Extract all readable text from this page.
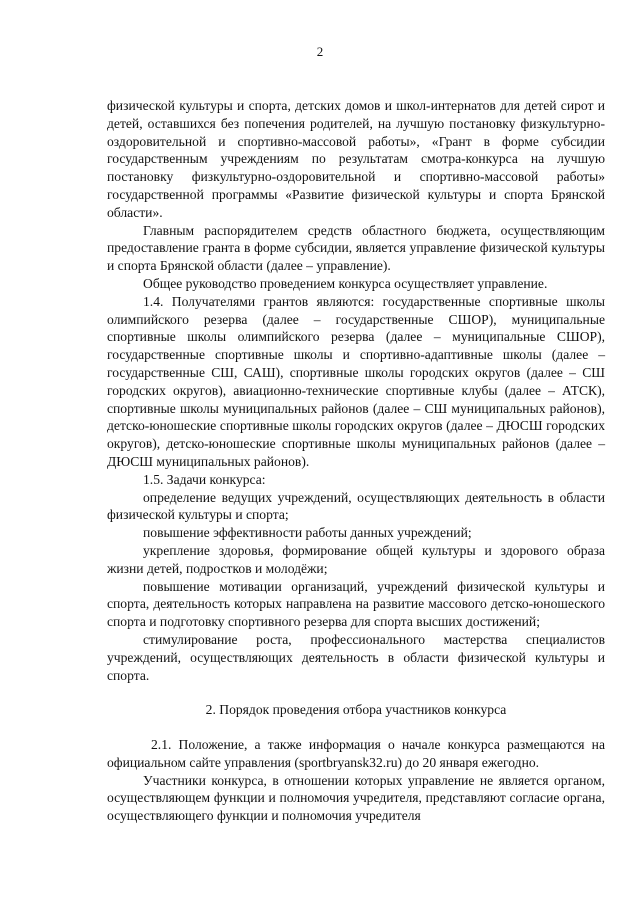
2

физической культуры и спорта, детских домов и школ-интернатов для детей сирот и детей, оставшихся без попечения родителей, на лучшую постановку физкультурно-оздоровительной и спортивно-массовой работы», «Грант в форме субсидии государственным учреждениям по результатам смотра-конкурса на лучшую постановку физкультурно-оздоровительной и спортивно-массовой работы» государственной программы «Развитие физической культуры и спорта Брянской области».

Главным распорядителем средств областного бюджета, осуществляющим предоставление гранта в форме субсидии, является управление физической культуры и спорта Брянской области (далее – управление).

Общее руководство проведением конкурса осуществляет управление.

1.4. Получателями грантов являются: государственные спортивные школы олимпийского резерва (далее – государственные СШОР), муниципальные спортивные школы олимпийского резерва (далее – муниципальные СШОР), государственные спортивные школы и спортивно-адаптивные школы (далее – государственные СШ, САШ), спортивные школы городских округов (далее – СШ городских округов), авиационно-технические спортивные клубы (далее – АТСК), спортивные школы муниципальных районов (далее – СШ муниципальных районов), детско-юношеские спортивные школы городских округов (далее – ДЮСШ городских округов), детско-юношеские спортивные школы муниципальных районов (далее – ДЮСШ муниципальных районов).

1.5. Задачи конкурса:

определение ведущих учреждений, осуществляющих деятельность в области физической культуры и спорта;

повышение эффективности работы данных учреждений;

укрепление здоровья, формирование общей культуры и здорового образа жизни детей, подростков и молодёжи;

повышение мотивации организаций, учреждений физической культуры и спорта, деятельность которых направлена на развитие массового детско-юношеского спорта и подготовку спортивного резерва для спорта высших достижений;

стимулирование роста, профессионального мастерства специалистов учреждений, осуществляющих деятельность в области физической культуры и спорта.

2. Порядок проведения отбора участников конкурса

2.1. Положение, а также информация о начале конкурса размещаются на официальном сайте управления (sportbryansk32.ru) до 20 января ежегодно.

Участники конкурса, в отношении которых управление не является органом, осуществляющем функции и полномочия учредителя, представляют согласие органа, осуществляющего функции и полномочия учредителя
